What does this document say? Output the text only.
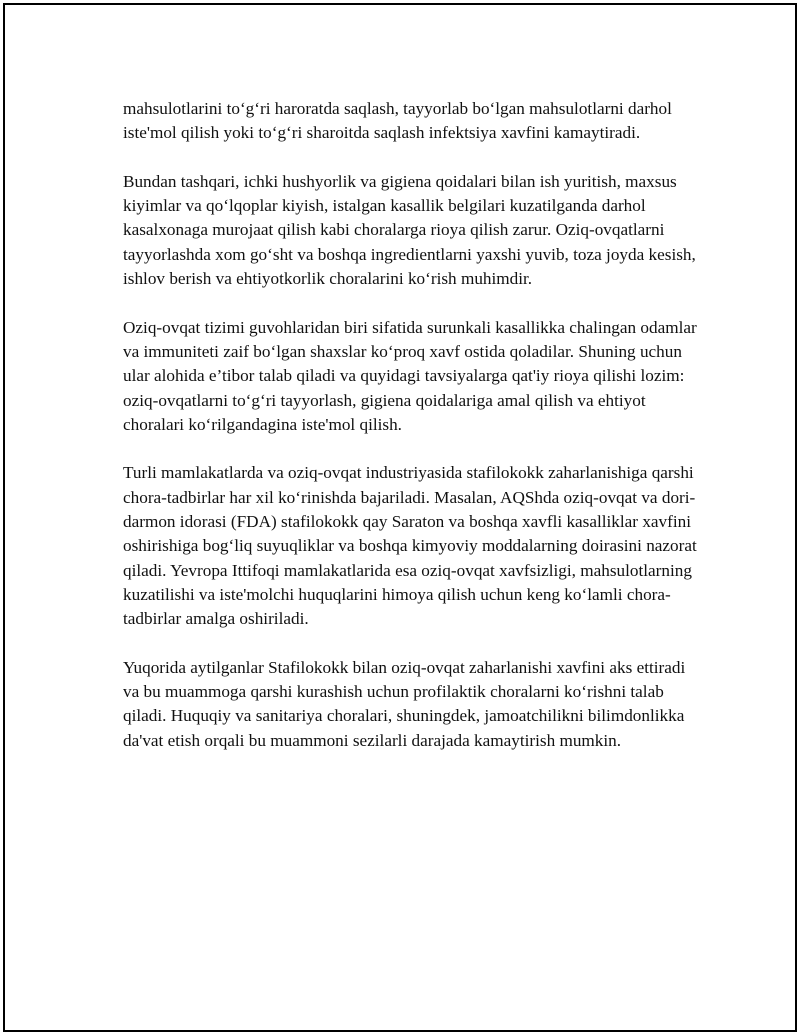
mahsulotlarini to‘g‘ri haroratda saqlash, tayyorlab bo‘lgan mahsulotlarni darhol iste'mol qilish yoki to‘g‘ri sharoitda saqlash infektsiya xavfini kamaytiradi.

Bundan tashqari, ichki hushyorlik va gigiena qoidalari bilan ish yuritish, maxsus kiyimlar va qo‘lqoplar kiyish, istalgan kasallik belgilari kuzatilganda darhol kasalxonaga murojaat qilish kabi choralarga rioya qilish zarur. Oziq-ovqatlarni tayyorlashda xom go‘sht va boshqa ingredientlarni yaxshi yuvib, toza joyda kesish, ishlov berish va ehtiyotkorlik choralarini ko‘rish muhimdir.

Oziq-ovqat tizimi guvohlaridan biri sifatida surunkali kasallikka chalingan odamlar va immuniteti zaif bo‘lgan shaxslar ko‘proq xavf ostida qoladilar. Shuning uchun ular alohida e’tibor talab qiladi va quyidagi tavsiyalarga qat'iy rioya qilishi lozim: oziq-ovqatlarni to‘g‘ri tayyorlash, gigiena qoidalariga amal qilish va ehtiyot choralari ko‘rilgandagina iste'mol qilish.

Turli mamlakatlarda va oziq-ovqat industriyasida stafilokokk zaharlanishiga qarshi chora-tadbirlar har xil ko‘rinishda bajariladi. Masalan, AQShda oziq-ovqat va dori-darmon idorasi (FDA) stafilokokk qay Saraton va boshqa xavfli kasalliklar xavfini oshirishiga bog‘liq suyuqliklar va boshqa kimyoviy moddalarning doirasini nazorat qiladi. Yevropa Ittifoqi mamlakatlarida esa oziq-ovqat xavfsizligi, mahsulotlarning kuzatilishi va iste'molchi huquqlarini himoya qilish uchun keng ko‘lamli chora-tadbirlar amalga oshiriladi.

Yuqorida aytilganlar Stafilokokk bilan oziq-ovqat zaharlanishi xavfini aks ettiradi va bu muammoga qarshi kurashish uchun profilaktik choralarni ko‘rishni talab qiladi. Huquqiy va sanitariya choralari, shuningdek, jamoatchilikni bilimdonlikka da'vat etish orqali bu muammoni sezilarli darajada kamaytirish mumkin.
